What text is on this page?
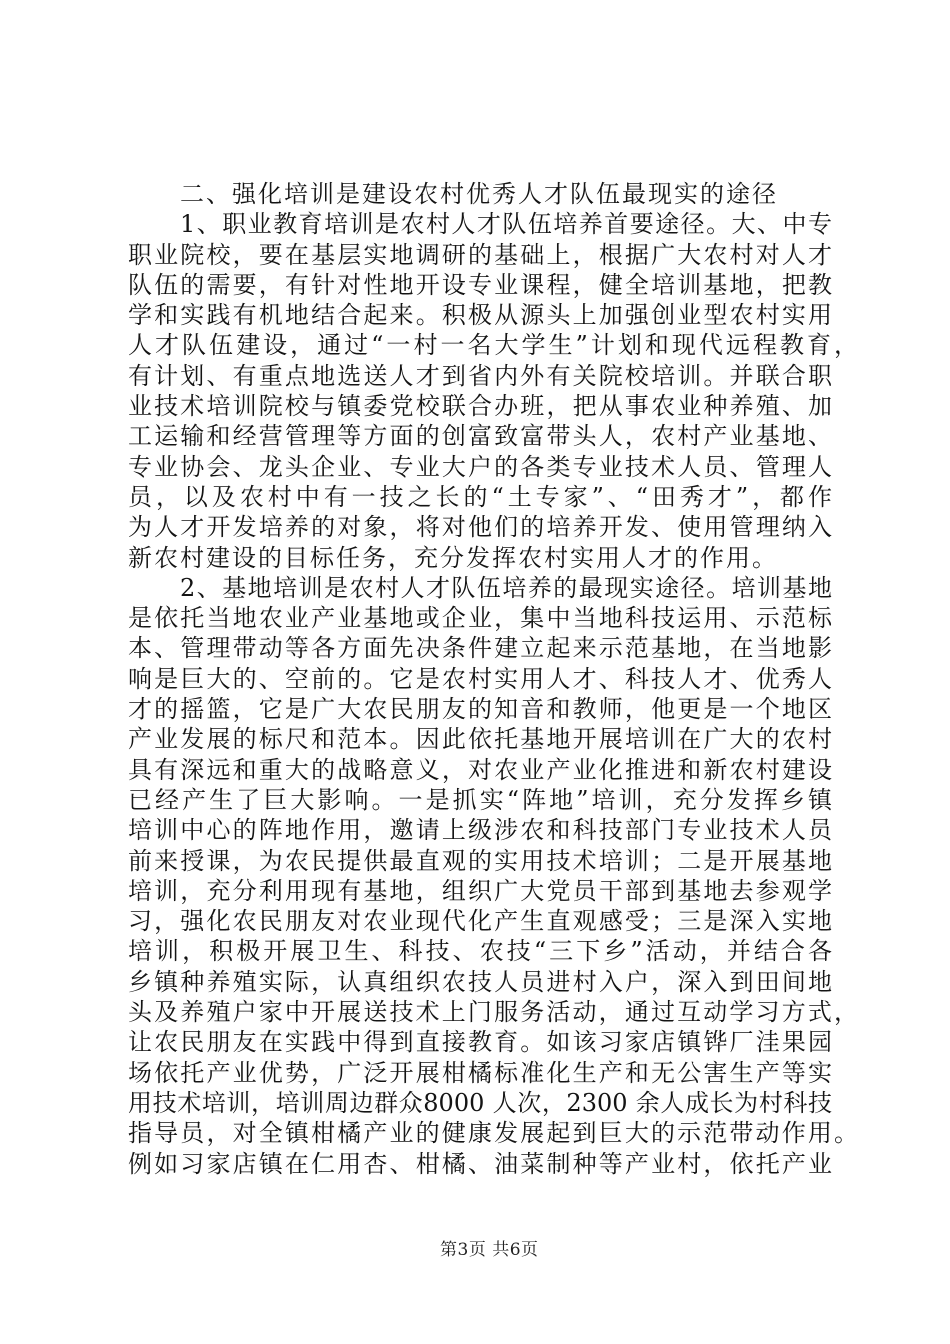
二、强化培训是建设农村优秀人才队伍最现实的途径
1、职业教育培训是农村人才队伍培养首要途径。大、中专
职业院校，要在基层实地调研的基础上，根据广大农村对人才
队伍的需要，有针对性地开设专业课程，健全培训基地，把教
学和实践有机地结合起来。积极从源头上加强创业型农村实用
人才队伍建设，通过“一村一名大学生”计划和现代远程教育，
有计划、有重点地选送人才到省内外有关院校培训。并联合职
业技术培训院校与镇委党校联合办班，把从事农业种养殖、加
工运输和经营管理等方面的创富致富带头人，农村产业基地、
专业协会、龙头企业、专业大户的各类专业技术人员、管理人
员，以及农村中有一技之长的“土专家”、“田秀才”，都作
为人才开发培养的对象，将对他们的培养开发、使用管理纳入
新农村建设的目标任务，充分发挥农村实用人才的作用。
2、基地培训是农村人才队伍培养的最现实途径。培训基地
是依托当地农业产业基地或企业，集中当地科技运用、示范标
本、管理带动等各方面先决条件建立起来示范基地，在当地影
响是巨大的、空前的。它是农村实用人才、科技人才、优秀人
才的摇篮，它是广大农民朋友的知音和教师，他更是一个地区
产业发展的标尺和范本。因此依托基地开展培训在广大的农村
具有深远和重大的战略意义，对农业产业化推进和新农村建设
已经产生了巨大影响。一是抓实“阵地”培训，充分发挥乡镇
培训中心的阵地作用，邀请上级涉农和科技部门专业技术人员
前来授课，为农民提供最直观的实用技术培训；二是开展基地
培训，充分利用现有基地，组织广大党员干部到基地去参观学
习，强化农民朋友对农业现代化产生直观感受；三是深入实地
培训，积极开展卫生、科技、农技“三下乡”活动，并结合各
乡镇种养殖实际，认真组织农技人员进村入户，深入到田间地
头及养殖户家中开展送技术上门服务活动，通过互动学习方式，
让农民朋友在实践中得到直接教育。如该习家店镇铧厂洼果园
场依托产业优势，广泛开展柑橘标准化生产和无公害生产等实
用技术培训，培训周边群众8000 人次，2300 余人成长为村科技
指导员，对全镇柑橘产业的健康发展起到巨大的示范带动作用。
例如习家店镇在仁用杏、柑橘、油菜制种等产业村，依托产业
第3页 共6页
